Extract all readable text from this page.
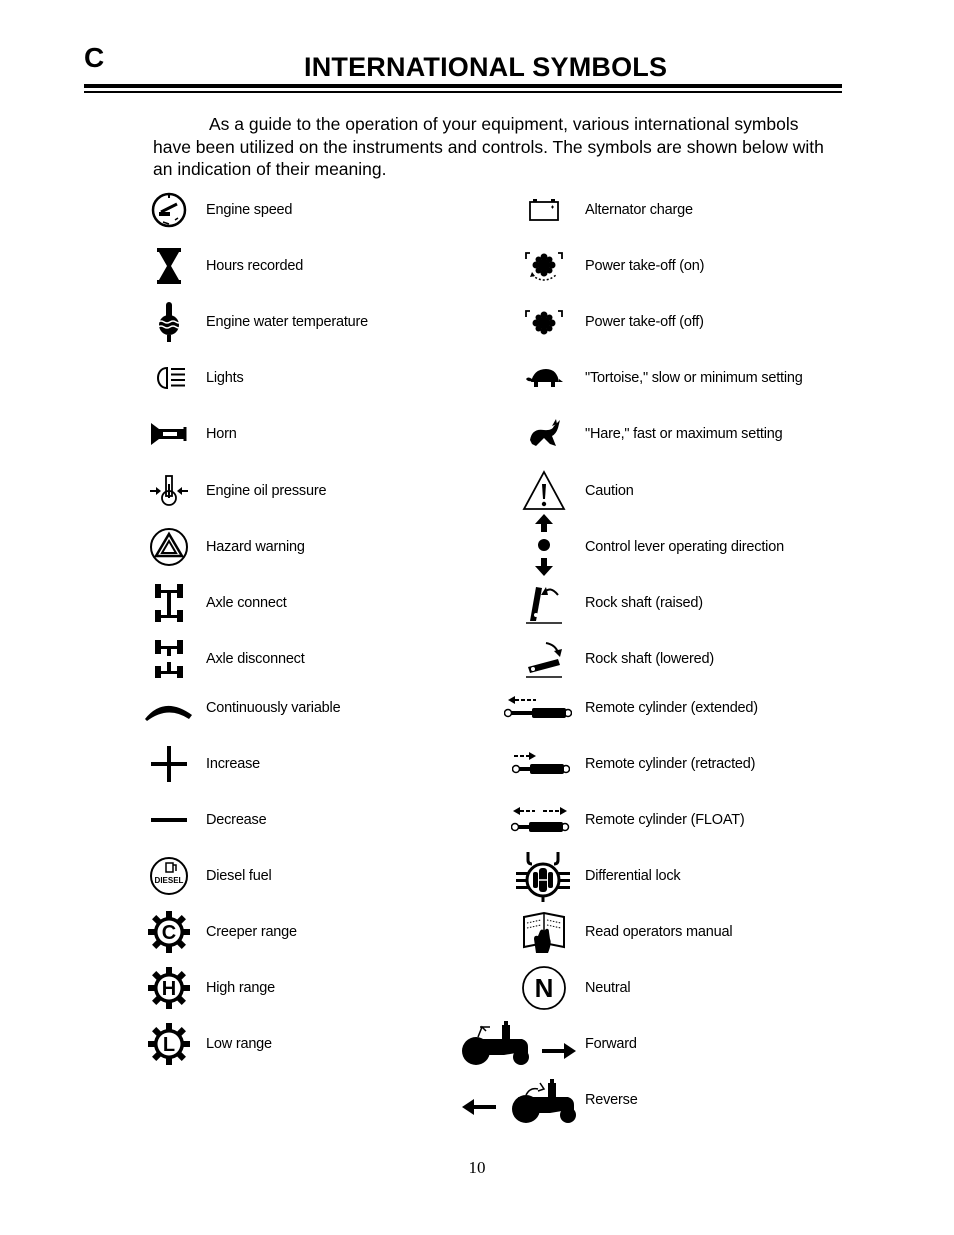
C	INTERNATIONAL SYMBOLS

As a guide to the operation of your equipment, various international symbols have been utilized on the instruments and controls. The symbols are shown below with an indication of their meaning.

Engine speed
Hours recorded
Engine water temperature
Lights
Horn
Engine oil pressure
Hazard warning
Axle connect
Axle disconnect
Continuously variable
Increase
Decrease
DIESEL Diesel fuel
C Creeper range
H High range
L Low range
Alternator charge
Power take-off (on)
Power take-off (off)
"Tortoise," slow or minimum setting
"Hare," fast or maximum setting
Caution
Control lever operating direction
Rock shaft (raised)
Rock shaft (lowered)
Remote cylinder (extended)
Remote cylinder (retracted)
Remote cylinder (FLOAT)
Differential lock
Read operators manual
N Neutral
Forward
Reverse
10
